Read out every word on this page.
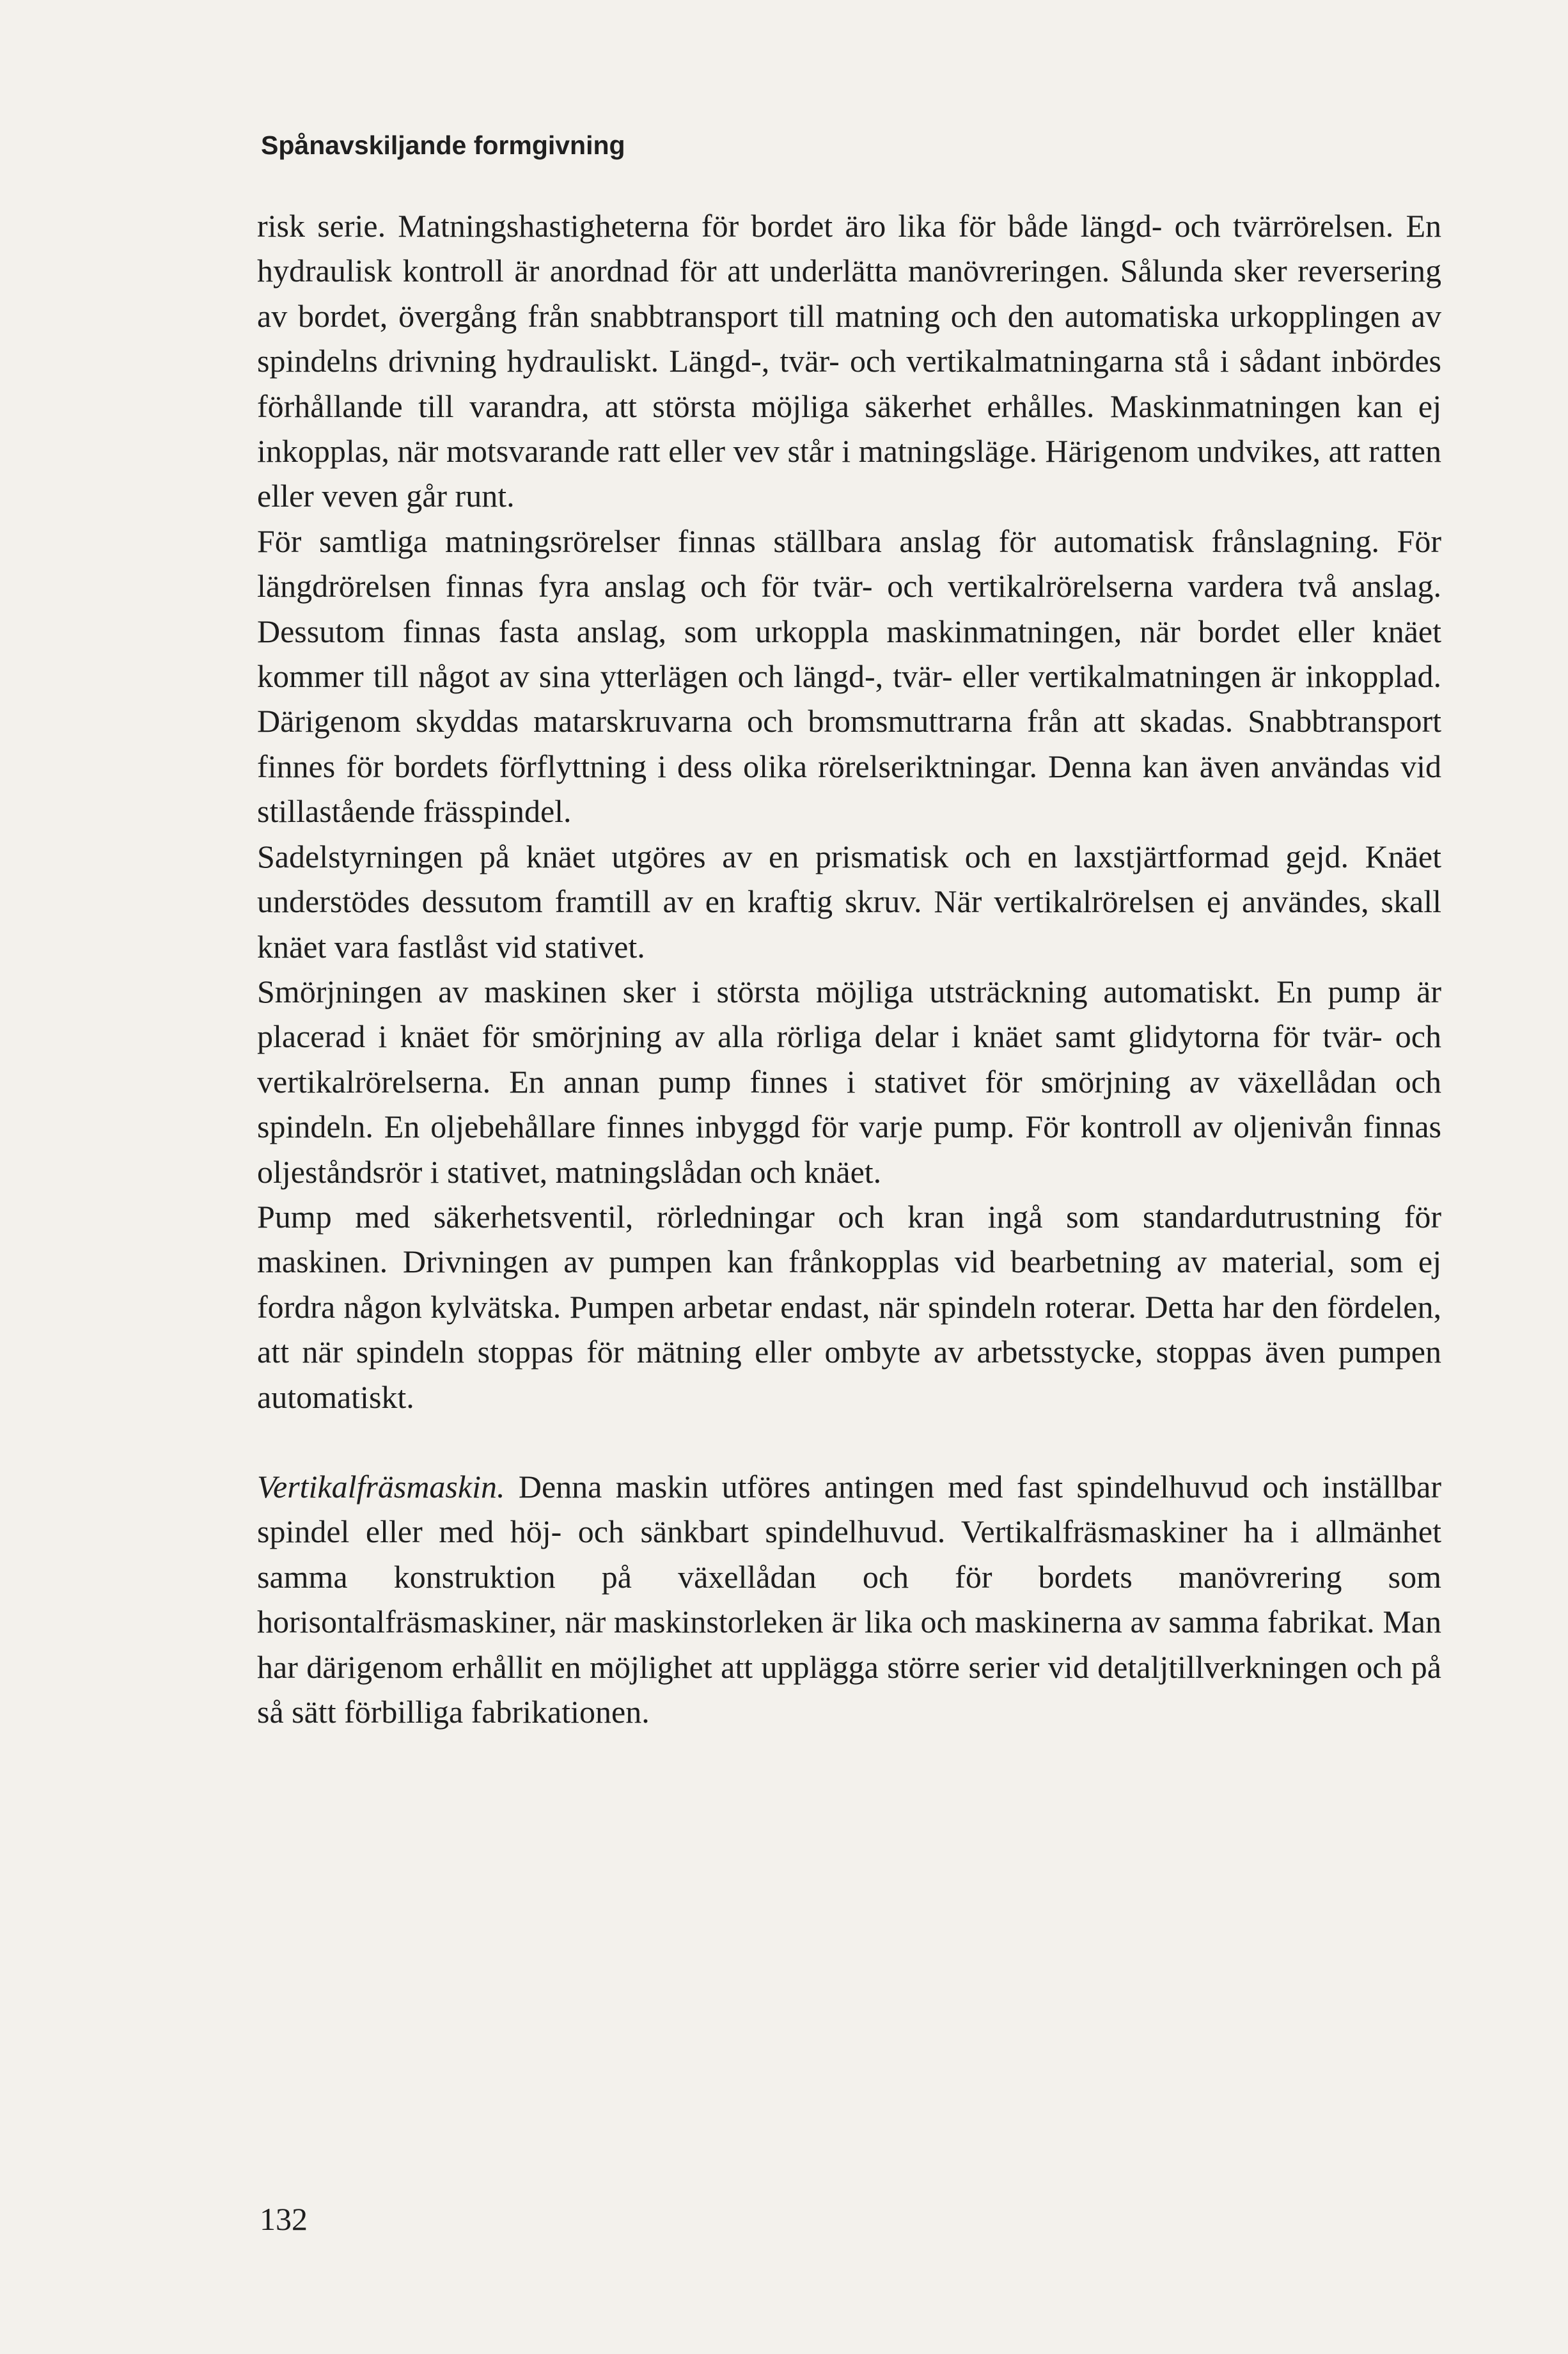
Spånavskiljande formgivning

risk serie. Matningshastigheterna för bordet äro lika för både längd- och tvärrörelsen. En hydraulisk kontroll är anordnad för att underlätta manövreringen. Sålunda sker reversering av bordet, övergång från snabbtransport till matning och den automatiska urkopplingen av spindelns drivning hydrauliskt. Längd-, tvär- och vertikalmatningarna stå i sådant inbördes förhållande till varandra, att största möjliga säkerhet erhålles. Maskinmatningen kan ej inkopplas, när motsvarande ratt eller vev står i matningsläge. Härigenom undvikes, att ratten eller veven går runt.

För samtliga matningsrörelser finnas ställbara anslag för automatisk frånslagning. För längdrörelsen finnas fyra anslag och för tvär- och vertikalrörelserna vardera två anslag. Dessutom finnas fasta anslag, som urkoppla maskinmatningen, när bordet eller knäet kommer till något av sina ytterlägen och längd-, tvär- eller vertikalmatningen är inkopplad. Därigenom skyddas matarskruvarna och bromsmuttrarna från att skadas. Snabbtransport finnes för bordets förflyttning i dess olika rörelseriktningar. Denna kan även användas vid stillastående frässpindel.

Sadelstyrningen på knäet utgöres av en prismatisk och en laxstjärtformad gejd. Knäet understödes dessutom framtill av en kraftig skruv. När vertikalrörelsen ej användes, skall knäet vara fastlåst vid stativet.

Smörjningen av maskinen sker i största möjliga utsträckning automatiskt. En pump är placerad i knäet för smörjning av alla rörliga delar i knäet samt glidytorna för tvär- och vertikalrörelserna. En annan pump finnes i stativet för smörjning av växellådan och spindeln. En oljebehållare finnes inbyggd för varje pump. För kontroll av oljenivån finnas oljeståndsrör i stativet, matningslådan och knäet.

Pump med säkerhetsventil, rörledningar och kran ingå som standardutrustning för maskinen. Drivningen av pumpen kan frånkopplas vid bearbetning av material, som ej fordra någon kylvätska. Pumpen arbetar endast, när spindeln roterar. Detta har den fördelen, att när spindeln stoppas för mätning eller ombyte av arbetsstycke, stoppas även pumpen automatiskt.

Vertikalfräsmaskin. Denna maskin utföres antingen med fast spindelhuvud och inställbar spindel eller med höj- och sänkbart spindelhuvud. Vertikalfräsmaskiner ha i allmänhet samma konstruktion på växellådan och för bordets manövrering som horisontalfräsmaskiner, när maskinstorleken är lika och maskinerna av samma fabrikat. Man har därigenom erhållit en möjlighet att upplägga större serier vid detaljtillverkningen och på så sätt förbilliga fabrikationen.

132
